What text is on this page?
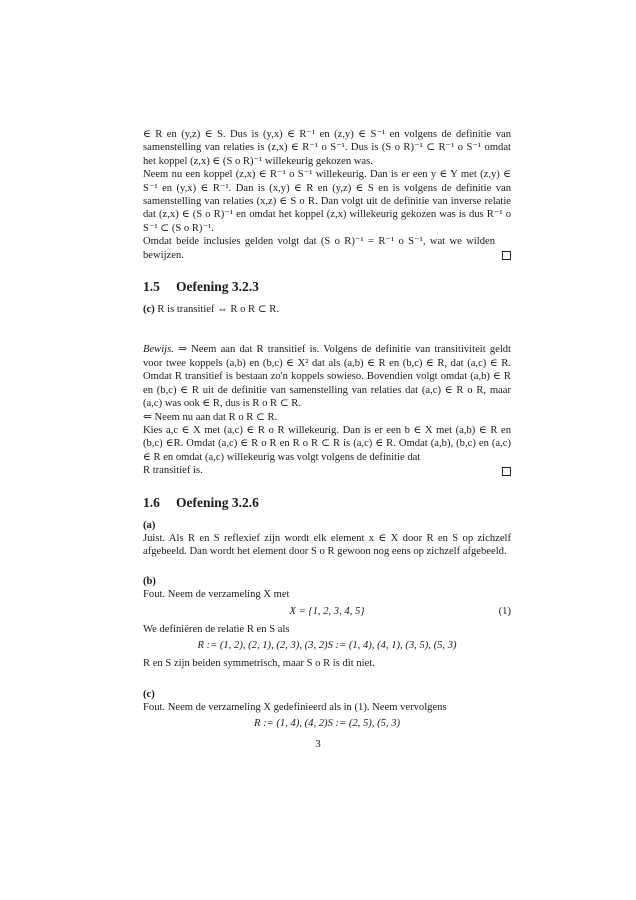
∈ R en (y,z) ∈ S. Dus is (y,x) ∈ R⁻¹ en (z,y) ∈ S⁻¹ en volgens de definitie van samenstelling van relaties is (z,x) ∈ R⁻¹ o S⁻¹. Dus is (S o R)⁻¹ ⊂ R⁻¹ o S⁻¹ omdat het koppel (z,x) ∈ (S o R)⁻¹ willekeurig gekozen was.

Neem nu een koppel (z,x) ∈ R⁻¹ o S⁻¹ willekeurig. Dan is er een y ∈ Y met (z,y) ∈ S⁻¹ en (y,x) ∈ R⁻¹. Dan is (x,y) ∈ R en (y,z) ∈ S en is volgens de definitie van samenstelling van relaties (x,z) ∈ S o R. Dan volgt uit de definitie van inverse relatie dat (z,x) ∈ (S o R)⁻¹ en omdat het koppel (z,x) willekeurig gekozen was is dus R⁻¹ o S⁻¹ ⊂ (S o R)⁻¹.

Omdat beide inclusies gelden volgt dat (S o R)⁻¹ = R⁻¹ o S⁻¹, wat we wilden bewijzen.

1.5 Oefening 3.2.3

(c) R is transitief ⇔ R o R ⊂ R.

Bewijs. ⇒ Neem aan dat R transitief is. Volgens de definitie van transitiviteit geldt voor twee koppels (a,b) en (b,c) ∈ X² dat als (a,b) ∈ R en (b,c) ∈ R, dat (a,c) ∈ R. Omdat R transitief is bestaan zo'n koppels sowieso. Bovendien volgt omdat (a,b) ∈ R en (b,c) ∈ R uit de definitie van samenstelling van relaties dat (a,c) ∈ R o R, maar (a,c) was ook ∈ R, dus is R o R ⊂ R.

⇐ Neem nu aan dat R o R ⊂ R.

Kies a,c ∈ X met (a,c) ∈ R o R willekeurig. Dan is er een b ∈ X met (a,b) ∈ R en (b,c) ∈R. Omdat (a,c) ∈ R o R en R o R ⊂ R is (a,c) ∈ R. Omdat (a,b), (b,c) en (a,c) ∈ R en omdat (a,c) willekeurig was volgt volgens de definitie dat

R transitief is.

1.6 Oefening 3.2.6

(a)

Juist. Als R en S reflexief zijn wordt elk element x ∈ X door R en S op zichzelf afgebeeld. Dan wordt het element door S o R gewoon nog eens op zichzelf afgebeeld.

(b)

Fout. Neem de verzameling X met

X = {1, 2, 3, 4, 5}	(1)

We definiëren de relatie R en S als

R := (1, 2), (2, 1), (2, 3), (3, 2)S := (1, 4), (4, 1), (3, 5), (5, 3)

R en S zijn beiden symmetrisch, maar S o R is dit niet.

(c)

Fout. Neem de verzameling X gedefinieerd als in (1). Neem vervolgens

R := (1, 4), (4, 2)S := (2, 5), (5, 3)
3
